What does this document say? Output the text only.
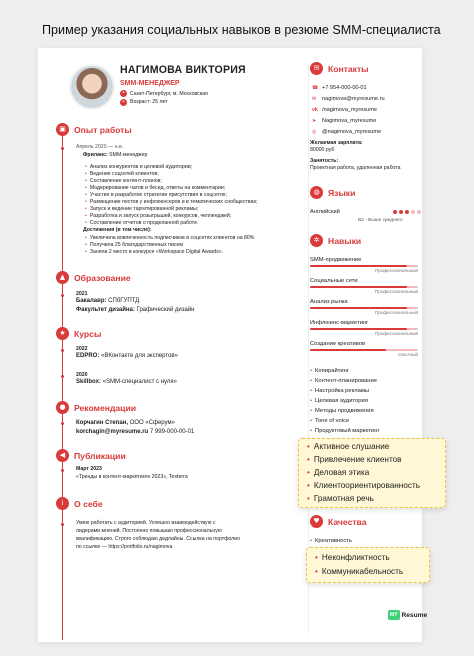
Пример указания социальных навыков в резюме SMM-специалиста
НАГИМОВА ВИКТОРИЯ
SMM-МЕНЕДЖЕР
• Санкт-Петербург, м. Московская
• Возраст: 25 лет
▣ Опыт работы
Апрель 2020 — н.в.
Фриланс: SMM-менеджер
• Анализ конкурентов и целевой аудитории;
• Ведение соцсетей клиентов;
• Составление контент-планов;
• Модерирование чатов и бесед, ответы на комментарии;
• Участие в разработке стратегии присутствия в соцсетях;
• Размещение постов у инфлюенсеров и в тематических сообществах;
• Запуск и ведение таргетированной рекламы;
• Разработка и запуск розыгрышей, конкурсов, челленджей;
• Составление отчетов о проделанной работе.
Достижения (в том числе):
• Увеличила вовлеченность подписчиков в соцсетях клиентов на 80%
• Получила 25 благодарственных писем
• Заняла 2 место в конкурсе «Workspace Digital Awards».
▲	Образование
2021
Бакалавр: СПбГУПТД
Факультет дизайна: Графический дизайн
★ Курсы
2022
EDPRO: «ВКонтакте для экспертов»
2020
Skillbox: «SMM-специалист с нуля»
● Рекомендации
Корчагин Степан, ООО «Сферум»
korchagin@myresume.ru 7 999-000-00-01
◀	Публикации
Март 2023
«Тренды в контент-маркетинге 2023», Texterra
i	О себе
Умею работать с аудиторией. Успешно взаимодействую с
лидерами мнений. Постоянно повышаю профессиональную
квалификацию. Строго соблюдаю дедлайны. Ссылка на портфолио
по ссылке — https://portfolio.ru/nagimova
✉ Контакты
☎ +7 954-000-00-01
✉ nagimova@myresume.ru
vk /nagimova_myresume
➤ Nagimova_myresume
◎ @nagimova_myresume
Желаемая зарплата:
80000 руб
Занятость:
Проектная работа, удаленная работа
◍ Языки
Английский
B2 - Выше среднего
✲ Навыки
• Копирайтинг
• Контент-планирование
• Настройка рекламы
• Целевая аудитория
• Методы продвижения
• Tone of voice
• Продуктовый маркетинг
♥ Качества
• Креативность
SMM-продвижение
Профессиональный
Социальные сети
Профессиональный
Анализ рынка
Профессиональный
Инфлюенс-маркетинг
Профессиональный
Создание креативов
Опытный
• Активное слушание
• Привлечение клиентов
• Деловая этика
• Клиентоориентированность
• Грамотная речь
• Неконфликтность
• Коммуникабельность
MY Resume
